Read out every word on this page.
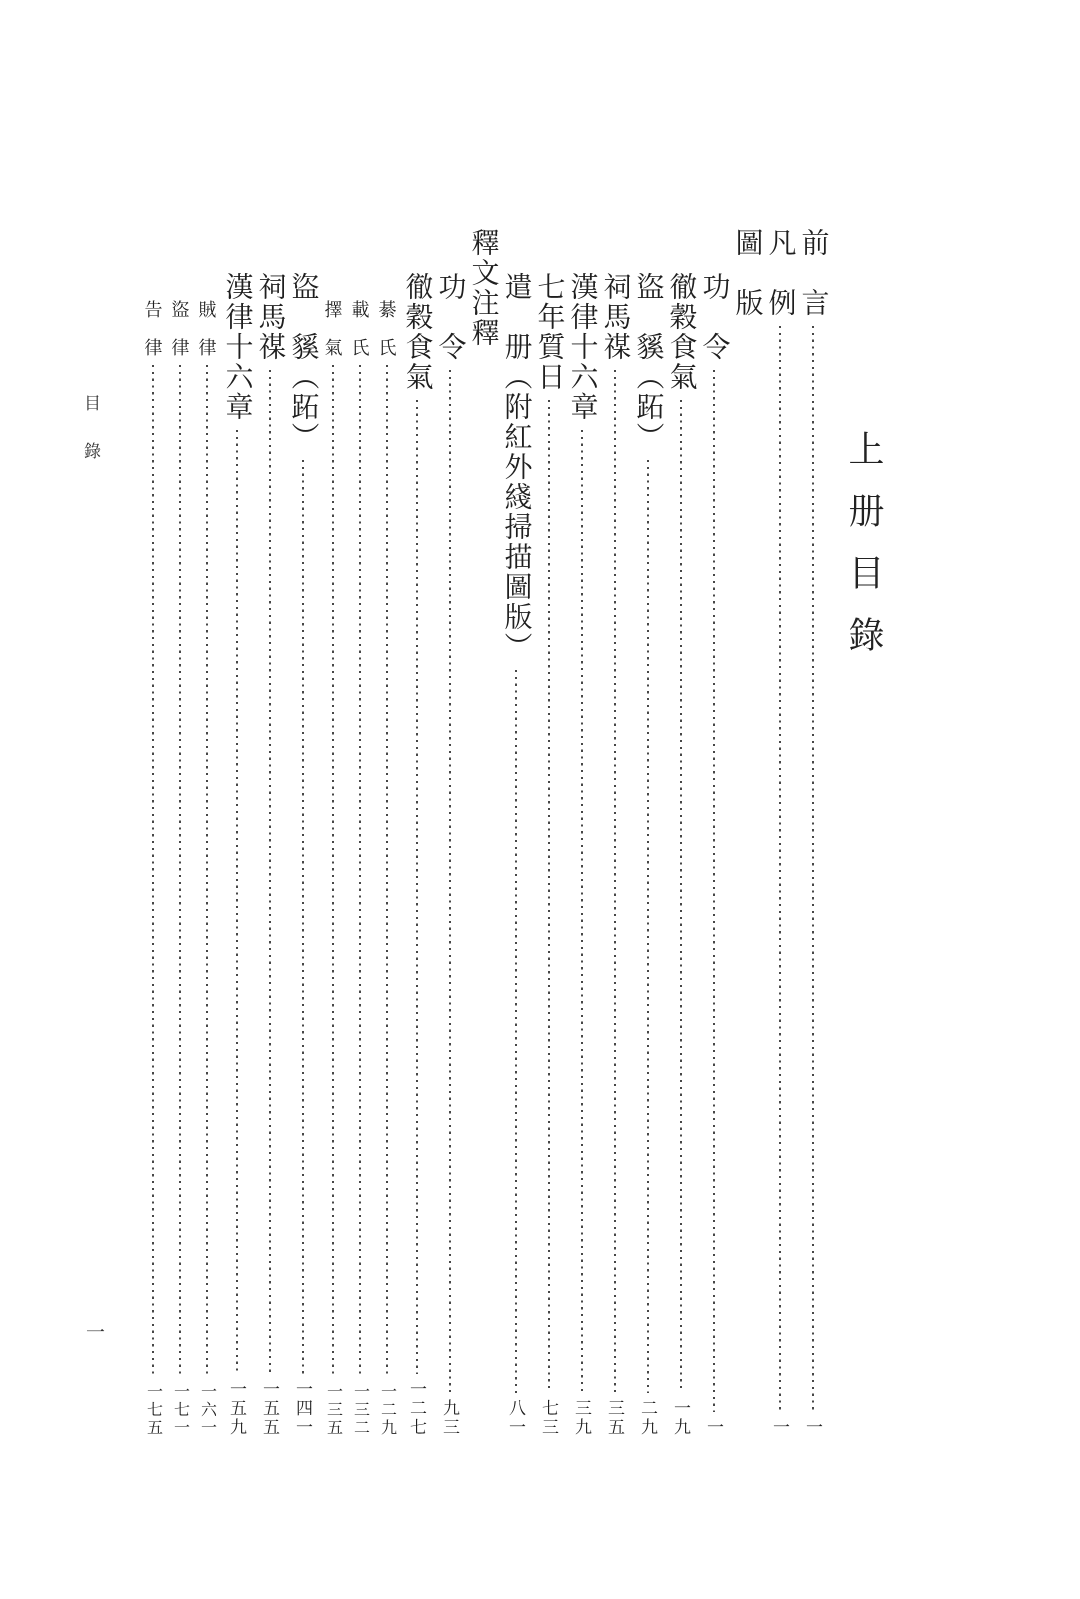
上册目錄
目錄
一
前　言
一
凡　例
一
圖　版
功　令
一
徹穀食氣
一九
盜　貕（跖）
二九
祠馬禖
三五
漢律十六章
三九
七年質日
七三
遣　册（附紅外綫掃描圖版）
八一
釋文注釋
功　令
九三
徹穀食氣
一二七
綦　氏
一二九
載　氏
一三二
擇　氣
一三五
盜　貕（跖）
一四一
祠馬禖
一五五
漢律十六章
一五九
賊　律
一六一
盜　律
一七一
告　律
一七五
